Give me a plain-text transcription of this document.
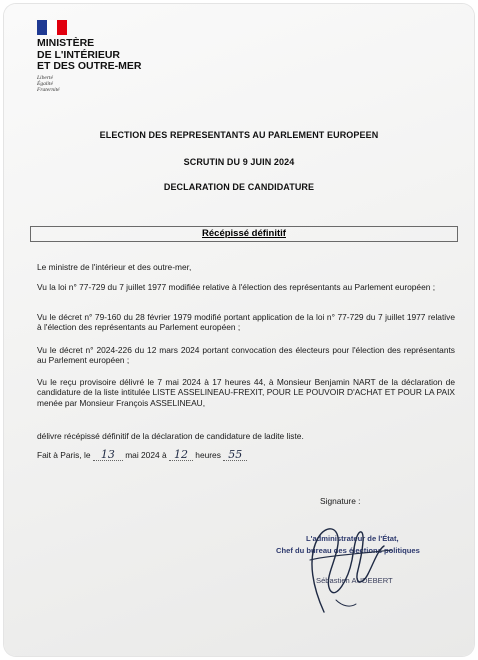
MINISTÈRE
DE L'INTÉRIEUR
ET DES OUTRE-MER
Liberté
Égalité
Fraternité
ELECTION DES REPRESENTANTS AU PARLEMENT EUROPEEN
SCRUTIN DU 9 JUIN 2024
DECLARATION DE CANDIDATURE
Récépissé définitif
Le ministre de l'intérieur et des outre-mer,
Vu la loi n° 77-729 du 7 juillet 1977 modifiée relative à l'élection des représentants au Parlement européen ;
Vu le décret n° 79-160 du 28 février 1979 modifié portant application de la loi n° 77-729 du 7 juillet 1977 relative à l'élection des représentants au Parlement européen ;
Vu le décret n° 2024-226 du 12 mars 2024 portant convocation des électeurs pour l'élection des représentants au Parlement européen ;
Vu le reçu provisoire délivré le 7 mai 2024 à 17 heures 44, à Monsieur Benjamin NART de la déclaration de candidature de la liste intitulée LISTE ASSELINEAU-FREXIT, POUR LE POUVOIR D'ACHAT ET POUR LA PAIX menée par Monsieur François ASSELINEAU,
délivre récépissé définitif de la déclaration de candidature de ladite liste.
Fait à Paris, le 13 mai 2024 à 12 heures 55
Signature :
L'administrateur de l'État,
Chef du bureau des élections politiques
Sébastien AUDEBERT
